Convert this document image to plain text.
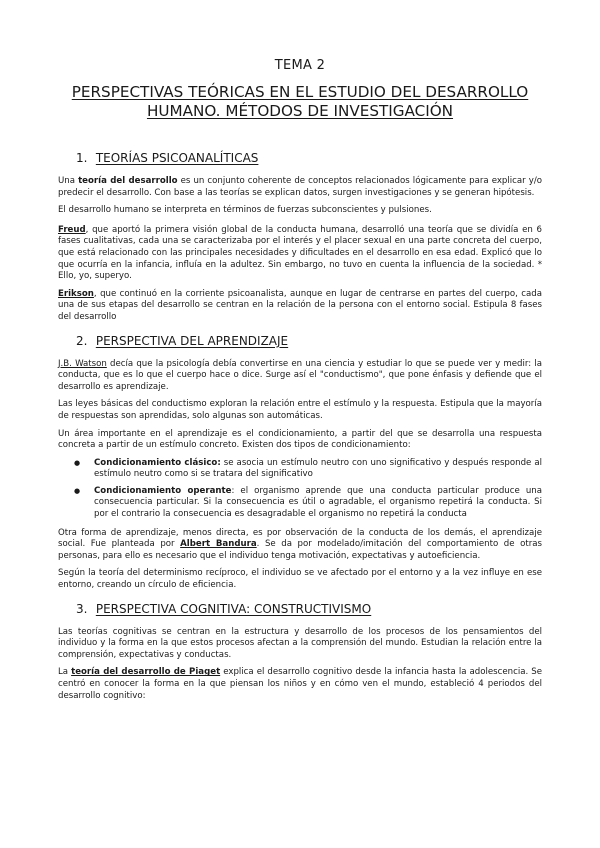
TEMA 2
PERSPECTIVAS TEÓRICAS EN EL ESTUDIO DEL DESARROLLO
HUMANO. MÉTODOS DE INVESTIGACIÓN
1. TEORÍAS PSICOANALÍTICAS

Una teoría del desarrollo es un conjunto coherente de conceptos relacionados lógicamente para explicar y/o predecir el desarrollo. Con base a las teorías se explican datos, surgen investigaciones y se generan hipótesis.

El desarrollo humano se interpreta en términos de fuerzas subconscientes y pulsiones.

Freud, que aportó la primera visión global de la conducta humana, desarrolló una teoría que se dividía en 6 fases cualitativas, cada una se caracterizaba por el interés y el placer sexual en una parte concreta del cuerpo, que está relacionado con las principales necesidades y dificultades en el desarrollo en esa edad. Explicó que lo que ocurría en la infancia, influía en la adultez. Sin embargo, no tuvo en cuenta la influencia de la sociedad. * Ello, yo, superyo.

Erikson, que continuó en la corriente psicoanalista, aunque en lugar de centrarse en partes del cuerpo, cada una de sus etapas del desarrollo se centran en la relación de la persona con el entorno social. Estipula 8 fases del desarrollo

2. PERSPECTIVA DEL APRENDIZAJE

J.B. Watson decía que la psicología debía convertirse en una ciencia y estudiar lo que se puede ver y medir: la conducta, que es lo que el cuerpo hace o dice. Surge así el "conductismo", que pone énfasis y defiende que el desarrollo es aprendizaje.

Las leyes básicas del conductismo exploran la relación entre el estímulo y la respuesta. Estipula que la mayoría de respuestas son aprendidas, solo algunas son automáticas.

Un área importante en el aprendizaje es el condicionamiento, a partir del que se desarrolla una respuesta concreta a partir de un estímulo concreto. Existen dos tipos de condicionamiento:

● Condicionamiento clásico: se asocia un estímulo neutro con uno significativo y después responde al estímulo neutro como si se tratara del significativo
● Condicionamiento operante: el organismo aprende que una conducta particular produce una consecuencia particular. Si la consecuencia es útil o agradable, el organismo repetirá la conducta. Si por el contrario la consecuencia es desagradable el organismo no repetirá la conducta

Otra forma de aprendizaje, menos directa, es por observación de la conducta de los demás, el aprendizaje social. Fue planteada por Albert Bandura. Se da por modelado/imitación del comportamiento de otras personas, para ello es necesario que el individuo tenga motivación, expectativas y autoeficiencia.

Según la teoría del determinismo recíproco, el individuo se ve afectado por el entorno y a la vez influye en ese entorno, creando un círculo de eficiencia.

3. PERSPECTIVA COGNITIVA: CONSTRUCTIVISMO

Las teorías cognitivas se centran en la estructura y desarrollo de los procesos de los pensamientos del individuo y la forma en la que estos procesos afectan a la comprensión del mundo. Estudian la relación entre la comprensión, expectativas y conductas.

La teoría del desarrollo de Piaget explica el desarrollo cognitivo desde la infancia hasta la adolescencia. Se centró en conocer la forma en la que piensan los niños y en cómo ven el mundo, estableció 4 periodos del desarrollo cognitivo:
